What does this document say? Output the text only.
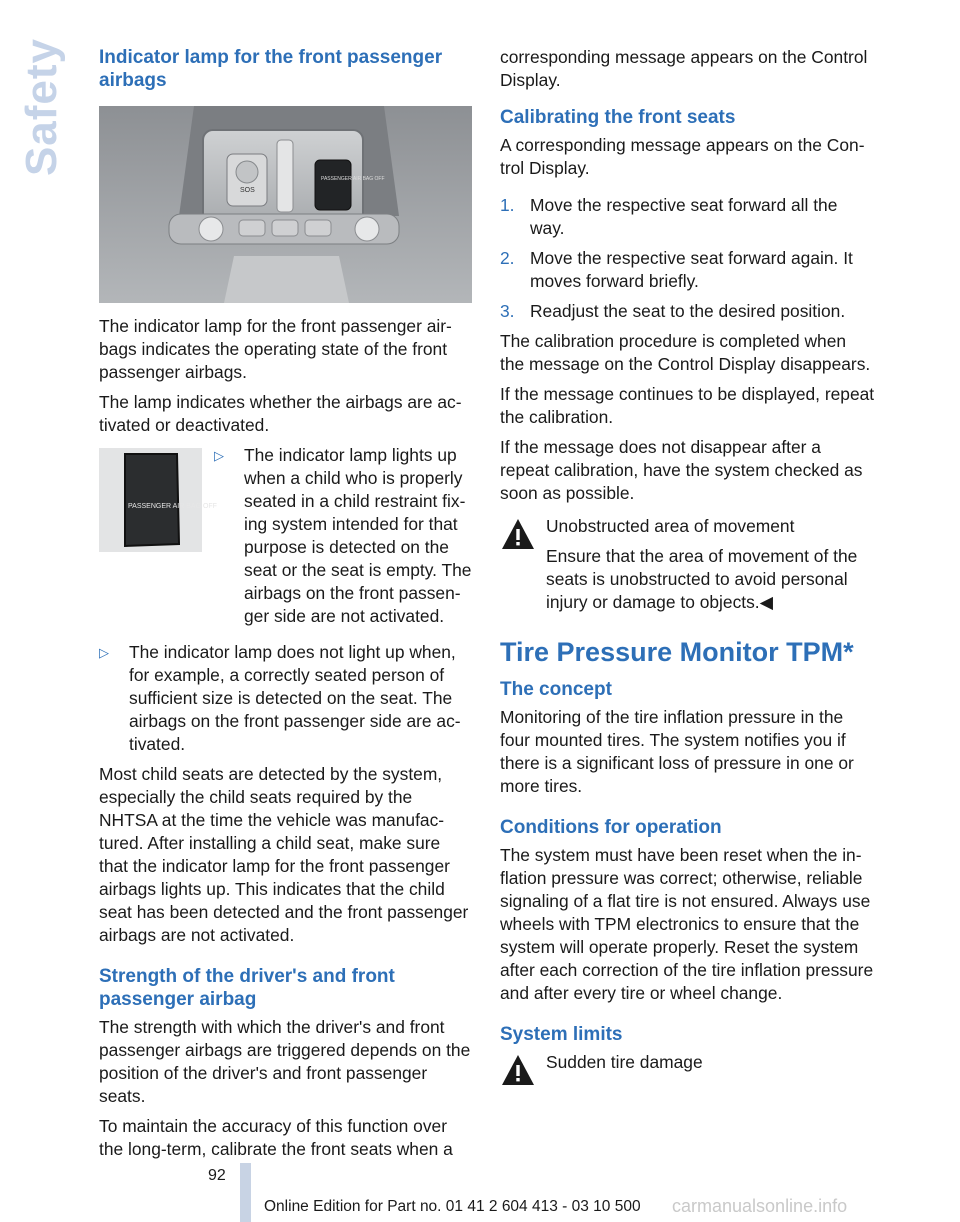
Safety Indicator lamp for the front passenger airbags
SOS
PASSENGER AIR BAG OFF

The indicator lamp for the front passenger airbags indicates the operating state of the front passenger airbags.

The lamp indicates whether the airbags are activated or deactivated.

PASSENGER AIR BAG OFF
▷	The indicator lamp lights up when a child who is properly seated in a child restraint fixing system intended for that purpose is detected on the seat or the seat is empty. The airbags on the front passenger side are not activated.
▷	The indicator lamp does not light up when, for example, a correctly seated person of sufficient size is detected on the seat. The airbags on the front passenger side are activated.

Most child seats are detected by the system, especially the child seats required by the NHTSA at the time the vehicle was manufactured. After installing a child seat, make sure that the indicator lamp for the front passenger airbags lights up. This indicates that the child seat has been detected and the front passenger airbags are not activated.

Strength of the driver's and front passenger airbag

The strength with which the driver's and front passenger airbags are triggered depends on the position of the driver's and front passenger seats.

To maintain the accuracy of this function over the long-term, calibrate the front seats when a

corresponding message appears on the Control Display.

Calibrating the front seats

A corresponding message appears on the Control Display.

1. Move the respective seat forward all the way.
2. Move the respective seat forward again. It moves forward briefly.
3. Readjust the seat to the desired position.

The calibration procedure is completed when the message on the Control Display disappears.

If the message continues to be displayed, repeat the calibration.

If the message does not disappear after a repeat calibration, have the system checked as soon as possible.

Unobstructed area of movement

Ensure that the area of movement of the seats is unobstructed to avoid personal injury or damage to objects.◀

Tire Pressure Monitor TPM*
The concept

Monitoring of the tire inflation pressure in the four mounted tires. The system notifies you if there is a significant loss of pressure in one or more tires.

Conditions for operation

The system must have been reset when the inflation pressure was correct; otherwise, reliable signaling of a flat tire is not ensured. Always use wheels with TPM electronics to ensure that the system will operate properly. Reset the system after each correction of the tire inflation pressure and after every tire or wheel change.

System limits

Sudden tire damage

92
Online Edition for Part no. 01 41 2 604 413 - 03 10 500 carmanualsonline.info
